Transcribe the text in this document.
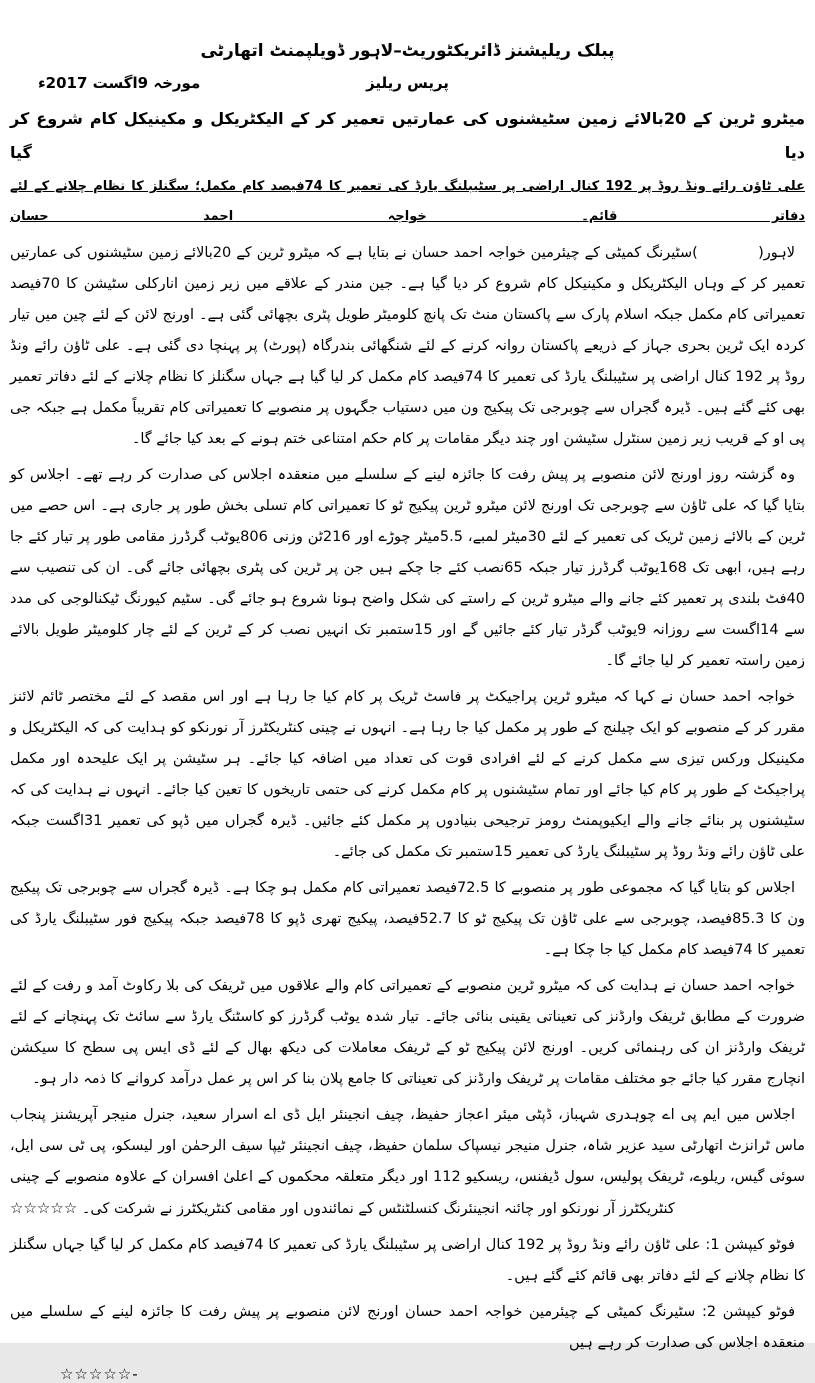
پبلک ریلیشنز ڈائریکٹوریٹ–لاہور ڈویلپمنٹ اتھارٹی
مورخہ 9اگست 2017ء	پریس ریلیز
میٹرو ٹرین کے 20بالائے زمین سٹیشنوں کی عمارتیں تعمیر کر کے الیکٹریکل و مکینیکل کام شروع کر دیا گیا
علی ٹاؤن رائے ونڈ روڈ پر 192 کنال اراضی پر سٹیبلنگ یارڈ کی تعمیر کا 74فیصد کام مکمل؛ سگنلز کا نظام چلانے کے لئے دفاتر قائم۔ خواجہ احمد حسان

لاہور(            )سٹیرنگ کمیٹی کے چیئرمین خواجہ احمد حسان نے بتایا ہے کہ میٹرو ٹرین کے 20بالائے زمین سٹیشنوں کی عمارتیں تعمیر کر کے وہاں الیکٹریکل و مکینیکل کام شروع کر دیا گیا ہے۔ جین مندر کے علاقے میں زیر زمین انارکلی سٹیشن کا 70فیصد تعمیراتی کام مکمل جبکہ اسلام پارک سے پاکستان منٹ تک پانچ کلومیٹر طویل پٹری بچھائی گئی ہے۔ اورنج لائن کے لئے چین میں تیار کردہ ایک ٹرین بحری جہاز کے ذریعے پاکستان روانہ کرنے کے لئے شنگھائی بندرگاہ (پورٹ) پر پہنچا دی گئی ہے۔ علی ٹاؤن رائے ونڈ روڈ پر 192 کنال اراضی پر سٹیبلنگ یارڈ کی تعمیر کا 74فیصد کام مکمل کر لیا گیا ہے جہاں سگنلز کا نظام چلانے کے لئے دفاتر تعمیر بھی کئے گئے ہیں۔ ڈیرہ گجراں سے چوبرجی تک پیکیج ون میں دستیاب جگہوں پر منصوبے کا تعمیراتی کام تقریباً مکمل ہے جبکہ جی پی او کے قریب زیر زمین سنٹرل سٹیشن اور چند دیگر مقامات پر کام حکم امتناعی ختم ہونے کے بعد کیا جائے گا۔

وہ گزشتہ روز اورنج لائن منصوبے پر پیش رفت کا جائزہ لینے کے سلسلے میں منعقدہ اجلاس کی صدارت کر رہے تھے۔ اجلاس کو بتایا گیا کہ علی ٹاؤن سے چوبرجی تک اورنج لائن میٹرو ٹرین پیکیج ٹو کا تعمیراتی کام تسلی بخش طور پر جاری ہے۔ اس حصے میں ٹرین کے بالائے زمین ٹریک کی تعمیر کے لئے 30میٹر لمبے، 5.5میٹر چوڑے اور 216ٹن وزنی 806یوٹب گرڈرز مقامی طور پر تیار کئے جا رہے ہیں، ابھی تک 168یوٹب گرڈرز تیار جبکہ 65نصب کئے جا چکے ہیں جن پر ٹرین کی پٹری بچھائی جائے گی۔ ان کی تنصیب سے 40فٹ بلندی پر تعمیر کئے جانے والے میٹرو ٹرین کے راستے کی شکل واضح ہونا شروع ہو جائے گی۔ سٹیم کیورنگ ٹیکنالوجی کی مدد سے 14اگست سے روزانہ 9یوٹب گرڈر تیار کئے جائیں گے اور 15ستمبر تک انہیں نصب کر کے ٹرین کے لئے چار کلومیٹر طویل بالائے زمین راستہ تعمیر کر لیا جائے گا۔

خواجہ احمد حسان نے کہا کہ میٹرو ٹرین پراجیکٹ پر فاسٹ ٹریک پر کام کیا جا رہا ہے اور اس مقصد کے لئے مختصر ٹائم لائنز مقرر کر کے منصوبے کو ایک چیلنج کے طور پر مکمل کیا جا رہا ہے۔ انہوں نے چینی کنٹریکٹرز آر نورنکو کو ہدایت کی کہ الیکٹریکل و مکینیکل ورکس تیزی سے مکمل کرنے کے لئے افرادی قوت کی تعداد میں اضافہ کیا جائے۔ ہر سٹیشن پر ایک علیحدہ اور مکمل پراجیکٹ کے طور پر کام کیا جائے اور تمام سٹیشنوں پر کام مکمل کرنے کی حتمی تاریخوں کا تعین کیا جائے۔ انہوں نے ہدایت کی کہ سٹیشنوں پر بنائے جانے والے ایکیوپمنٹ رومز ترجیحی بنیادوں پر مکمل کئے جائیں۔ ڈیرہ گجراں میں ڈپو کی تعمیر 31اگست جبکہ علی ٹاؤن رائے ونڈ روڈ پر سٹیبلنگ یارڈ کی تعمیر 15ستمبر تک مکمل کی جائے۔

اجلاس کو بتایا گیا کہ مجموعی طور پر منصوبے کا 72.5فیصد تعمیراتی کام مکمل ہو چکا ہے۔ ڈیرہ گجراں سے چوبرجی تک پیکیج ون کا 85.3فیصد، چوبرجی سے علی ٹاؤن تک پیکیج ٹو کا 52.7فیصد، پیکیج تھری ڈپو کا 78فیصد جبکہ پیکیج فور سٹیبلنگ یارڈ کی تعمیر کا 74فیصد کام مکمل کیا جا چکا ہے۔

خواجہ احمد حسان نے ہدایت کی کہ میٹرو ٹرین منصوبے کے تعمیراتی کام والے علاقوں میں ٹریفک کی بلا رکاوٹ آمد و رفت کے لئے ضرورت کے مطابق ٹریفک وارڈنز کی تعیناتی یقینی بنائی جائے۔ تیار شدہ یوٹب گرڈرز کو کاسٹنگ یارڈ سے سائٹ تک پہنچانے کے لئے ٹریفک وارڈنز ان کی رہنمائی کریں۔ اورنج لائن پیکیج ٹو کے ٹریفک معاملات کی دیکھ بھال کے لئے ڈی ایس پی سطح کا سیکشن انچارج مقرر کیا جائے جو مختلف مقامات پر ٹریفک وارڈنز کی تعیناتی کا جامع پلان بنا کر اس پر عمل درآمد کروانے کا ذمہ دار ہو۔

اجلاس میں ایم پی اے چوہدری شہباز، ڈپٹی میئر اعجاز حفیظ، چیف انجینئر ایل ڈی اے اسرار سعید، جنرل منیجر آپریشنز پنجاب ماس ٹرانزٹ اتھارٹی سید عزیر شاہ، جنرل منیجر نیسپاک سلمان حفیظ، چیف انجینئر ٹیپا سیف الرحمٰن اور لیسکو، پی ٹی سی ایل، سوئی گیس، ریلوے، ٹریفک پولیس، سول ڈیفنس، ریسکیو 112 اور دیگر متعلقہ محکموں کے اعلیٰ افسران کے علاوہ منصوبے کے چینی کنٹریکٹرز آر نورنکو اور چائنہ انجینئرنگ کنسلٹنٹس کے نمائندوں اور مقامی کنٹریکٹرز نے شرکت کی۔ ☆☆☆☆☆

فوٹو کیپشن 1: علی ٹاؤن رائے ونڈ روڈ پر 192 کنال اراضی پر سٹیبلنگ یارڈ کی تعمیر کا 74فیصد کام مکمل کر لیا گیا جہاں سگنلز کا نظام چلانے کے لئے دفاتر بھی قائم کئے گئے ہیں۔
فوٹو کیپشن 2: سٹیرنگ کمیٹی کے چیئرمین خواجہ احمد حسان اورنج لائن منصوبے پر پیش رفت کا جائزہ لینے کے سلسلے میں منعقدہ اجلاس کی صدارت کر رہے ہیں
☆☆☆☆☆-
